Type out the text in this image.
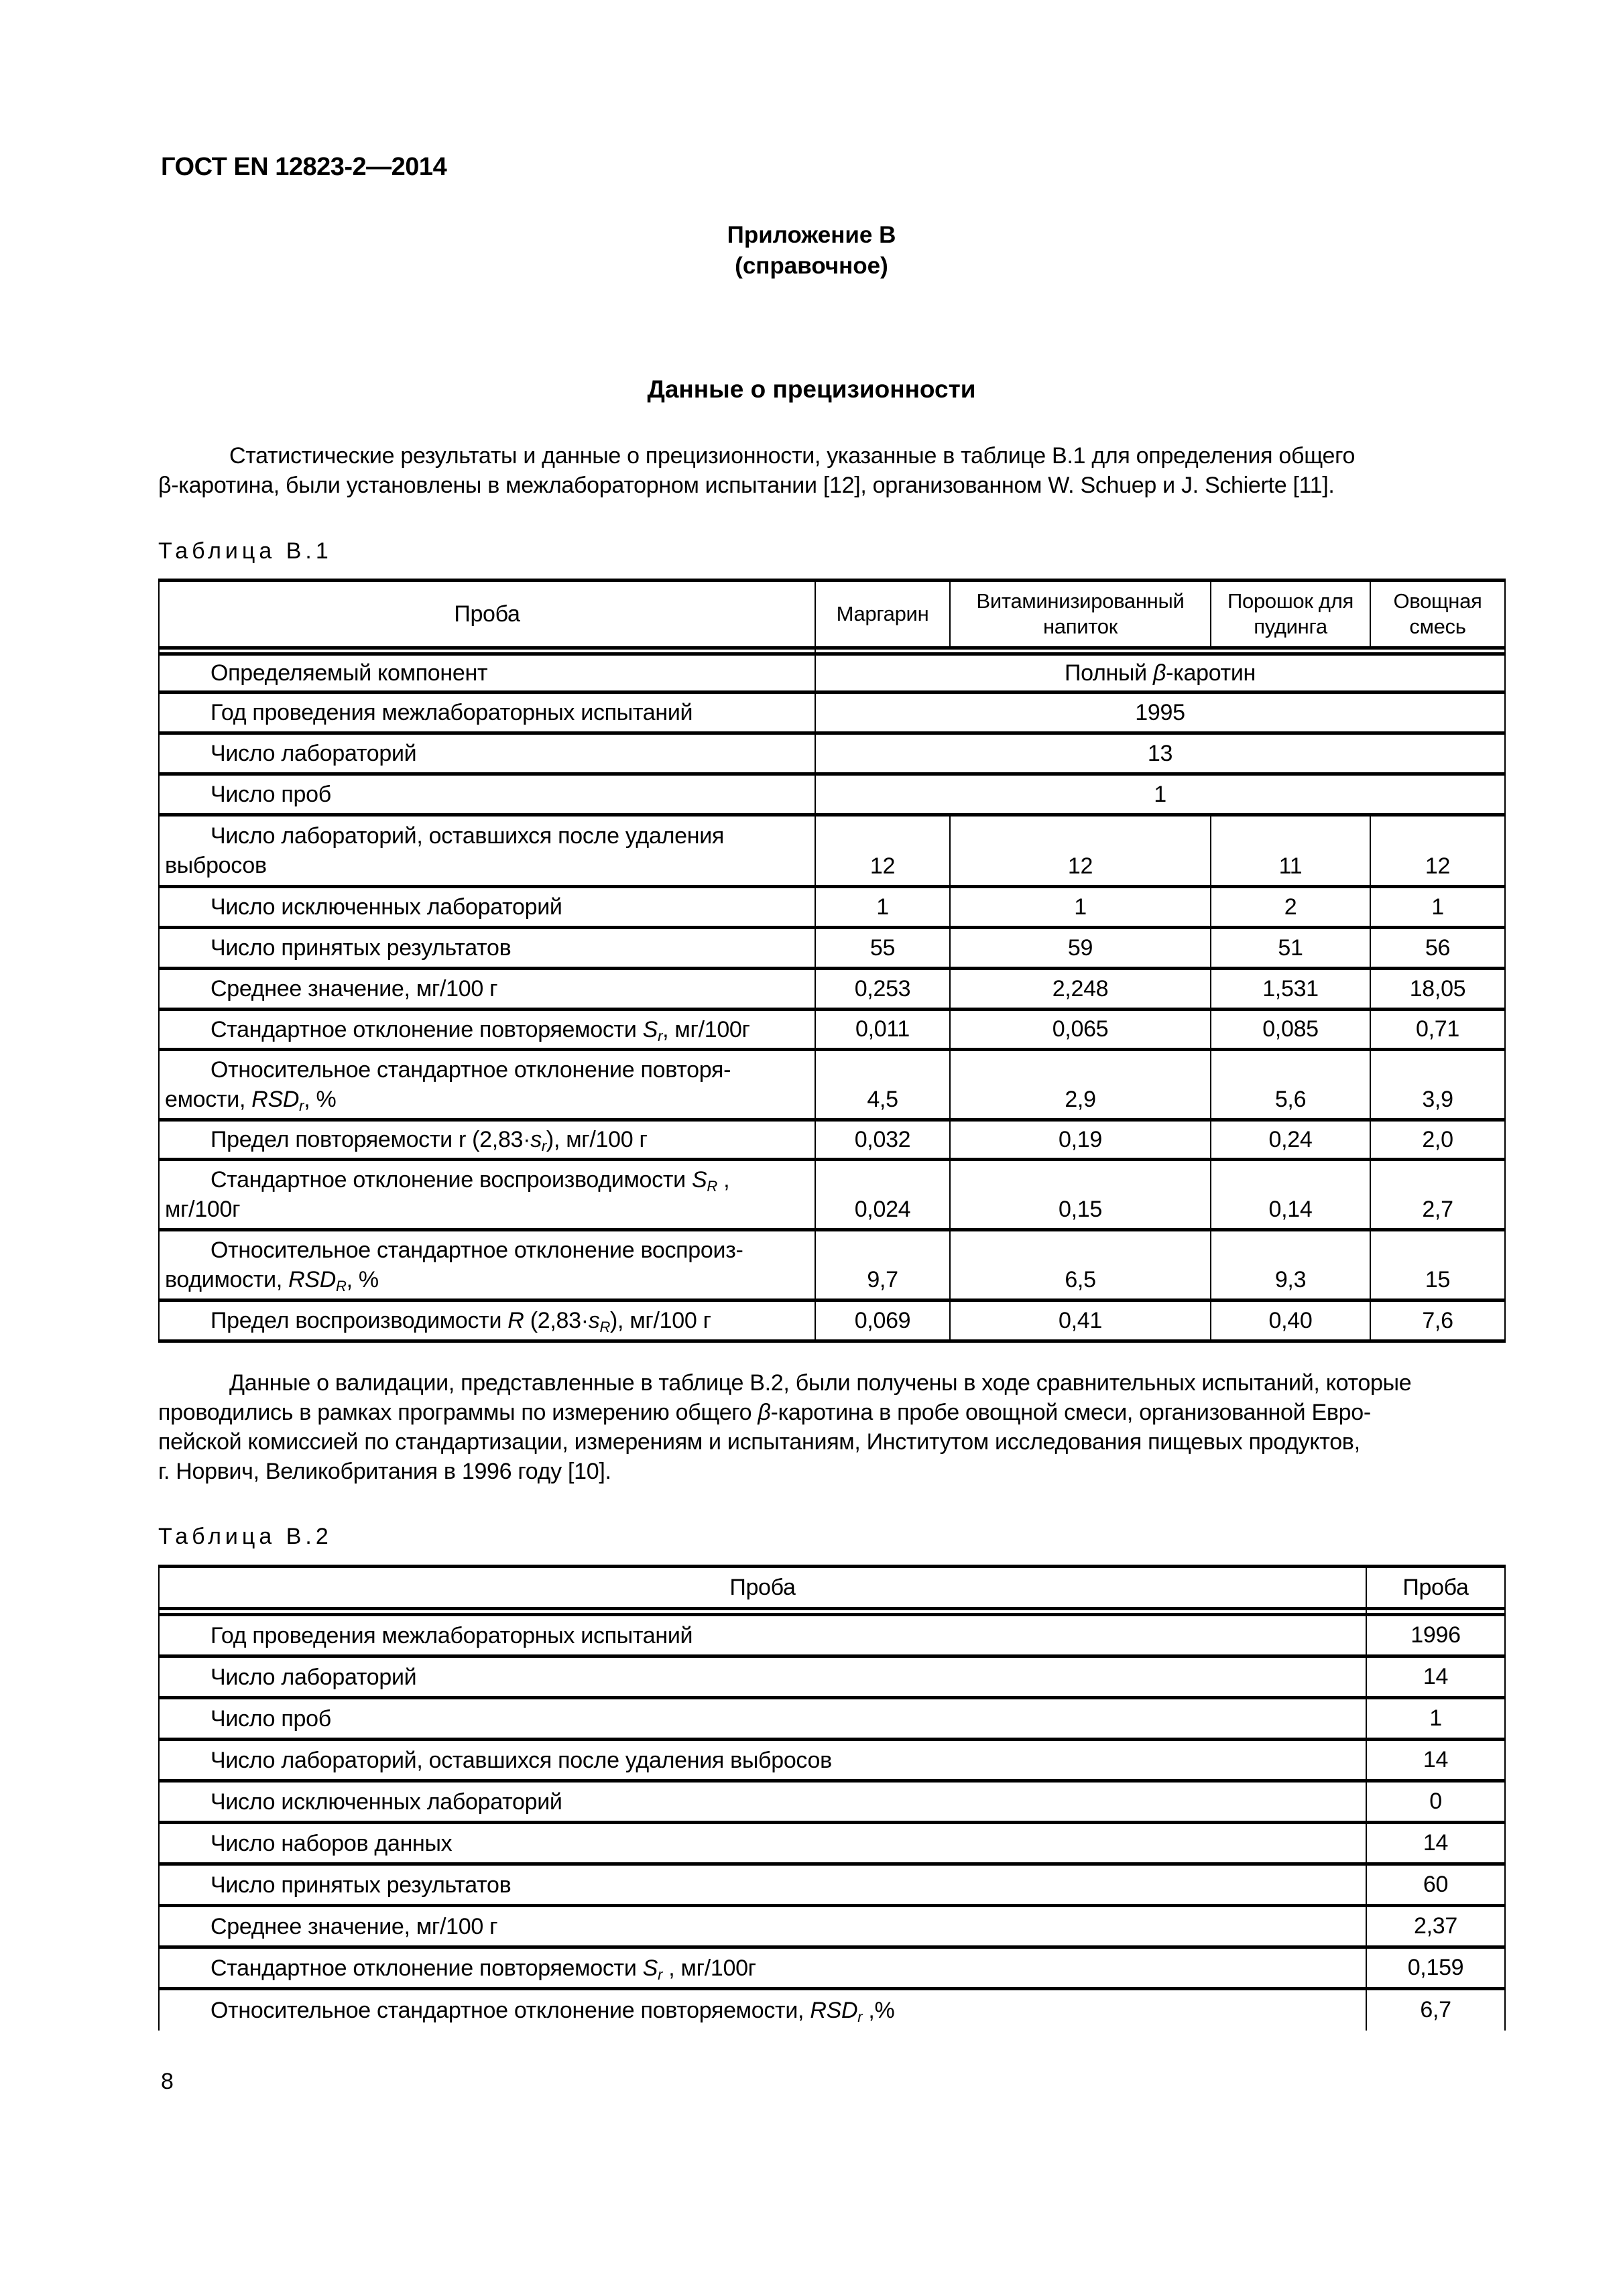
ГОСТ EN 12823-2—2014
Приложение В
(справочное)
Данные о прецизионности
Статистические результаты и данные о прецизионности, указанные в таблице В.1 для определения общего
β-каротина, были установлены в межлабораторном испытании [12], организованном W. Schuep и J. Schierte [11].
Таблица В.1
Проба	Маргарин	Витаминизированный напиток	Порошок для пудинга	Овощная смесь

Определяемый компонент	Полный β-каротин			
Год проведения межлабораторных испытаний	1995			
Число лабораторий	13			
Число проб	1			

Число лабораторий, оставшихся после удаления
выбросов	12	12	11	12
Число исключенных лабораторий	1	1	2	1
Число принятых результатов	55	59	51	56
Среднее значение, мг/100 г	0,253	2,248	1,531	18,05
Стандартное отклонение повторяемости $S_r$, мг/100г	0,011	0,065	0,085	0,71

Относительное стандартное отклонение повторя-
емости, $RSD_r$, %	4,5	2,9	5,6	3,9
Предел повторяемости r $(2,83\cdot s_r)$, мг/100 г	0,032	0,19	0,24	2,0

Стандартное отклонение воспроизводимости $S_R$ ,
мг/100г	0,024	0,15	0,14	2,7

Относительное стандартное отклонение воспроиз-
водимости, $RSD_R$, %	9,7	6,5	9,3	15
Предел воспроизводимости R $(2,83\cdot s_R)$, мг/100 г	0,069	0,41	0,40	7,6
Данные о валидации, представленные в таблице В.2, были получены в ходе сравнительных испытаний, которые
проводились в рамках программы по измерению общего β-каротина в пробе овощной смеси, организованной Евро-
пейской комиссией по стандартизации, измерениям и испытаниям, Институтом исследования пищевых продуктов,
г. Норвич, Великобритания в 1996 году [10].
Таблица В.2
Проба	Проба

Год проведения межлабораторных испытаний	1996
Число лабораторий	14
Число проб	1
Число лабораторий, оставшихся после удаления выбросов	14
Число исключенных лабораторий	0
Число наборов данных	14
Число принятых результатов	60
Среднее значение, мг/100 г	2,37
Стандартное отклонение повторяемости $S_r$ , мг/100г	0,159
Относительное стандартное отклонение повторяемости, $RSD_r$ ,%	6,7
8
